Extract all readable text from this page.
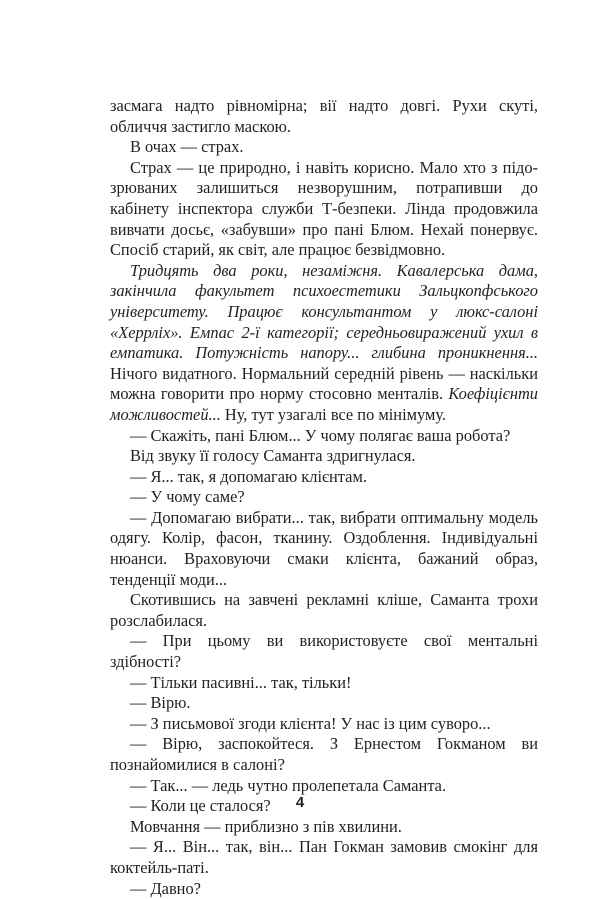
засмага надто рівномірна; вії надто довгі. Рухи скуті, обличчя застигло маскою.

В очах — страх.

Страх — це природно, і навіть корисно. Мало хто з підозрюваних залишиться незворушним, потрапивши до кабінету інспектора служби Т-безпеки. Лінда продовжила вивчати досьє, «забувши» про пані Блюм. Нехай понервує. Спосіб старий, як світ, але працює безвідмовно.

Тридцять два роки, незаміжня. Кавалерська дама, закінчила факультет психоестетики Зальцкопфського університету. Працює консультантом у люкс-салоні «Херрліх». Емпас 2-ї категорії; середньовиражений ухил в емпатика. Потужність напору... глибина проникнення... Нічого видатного. Нормальний середній рівень — наскільки можна говорити про норму стосовно менталів. Коефіцієнти можливостей... Ну, тут узагалі все по мінімуму.

— Скажіть, пані Блюм... У чому полягає ваша робота?

Від звуку її голосу Саманта здригнулася.

— Я... так, я допомагаю клієнтам.

— У чому саме?

— Допомагаю вибрати... так, вибрати оптимальну модель одягу. Колір, фасон, тканину. Оздоблення. Індивідуальні нюанси. Враховуючи смаки клієнта, бажаний образ, тенденції моди...

Скотившись на завчені рекламні кліше, Саманта трохи розслабилася.

— При цьому ви використовуєте свої ментальні здібності?

— Тільки пасивні... так, тільки!

— Вірю.

— З письмової згоди клієнта! У нас із цим суворо...

— Вірю, заспокойтеся. З Ернестом Гокманом ви познайомилися в салоні?

— Так... — ледь чутно пролепетала Саманта.

— Коли це сталося?

Мовчання — приблизно з пів хвилини.

— Я... Він... так, він... Пан Гокман замовив смокінг для коктейль-паті.

— Давно?

4
